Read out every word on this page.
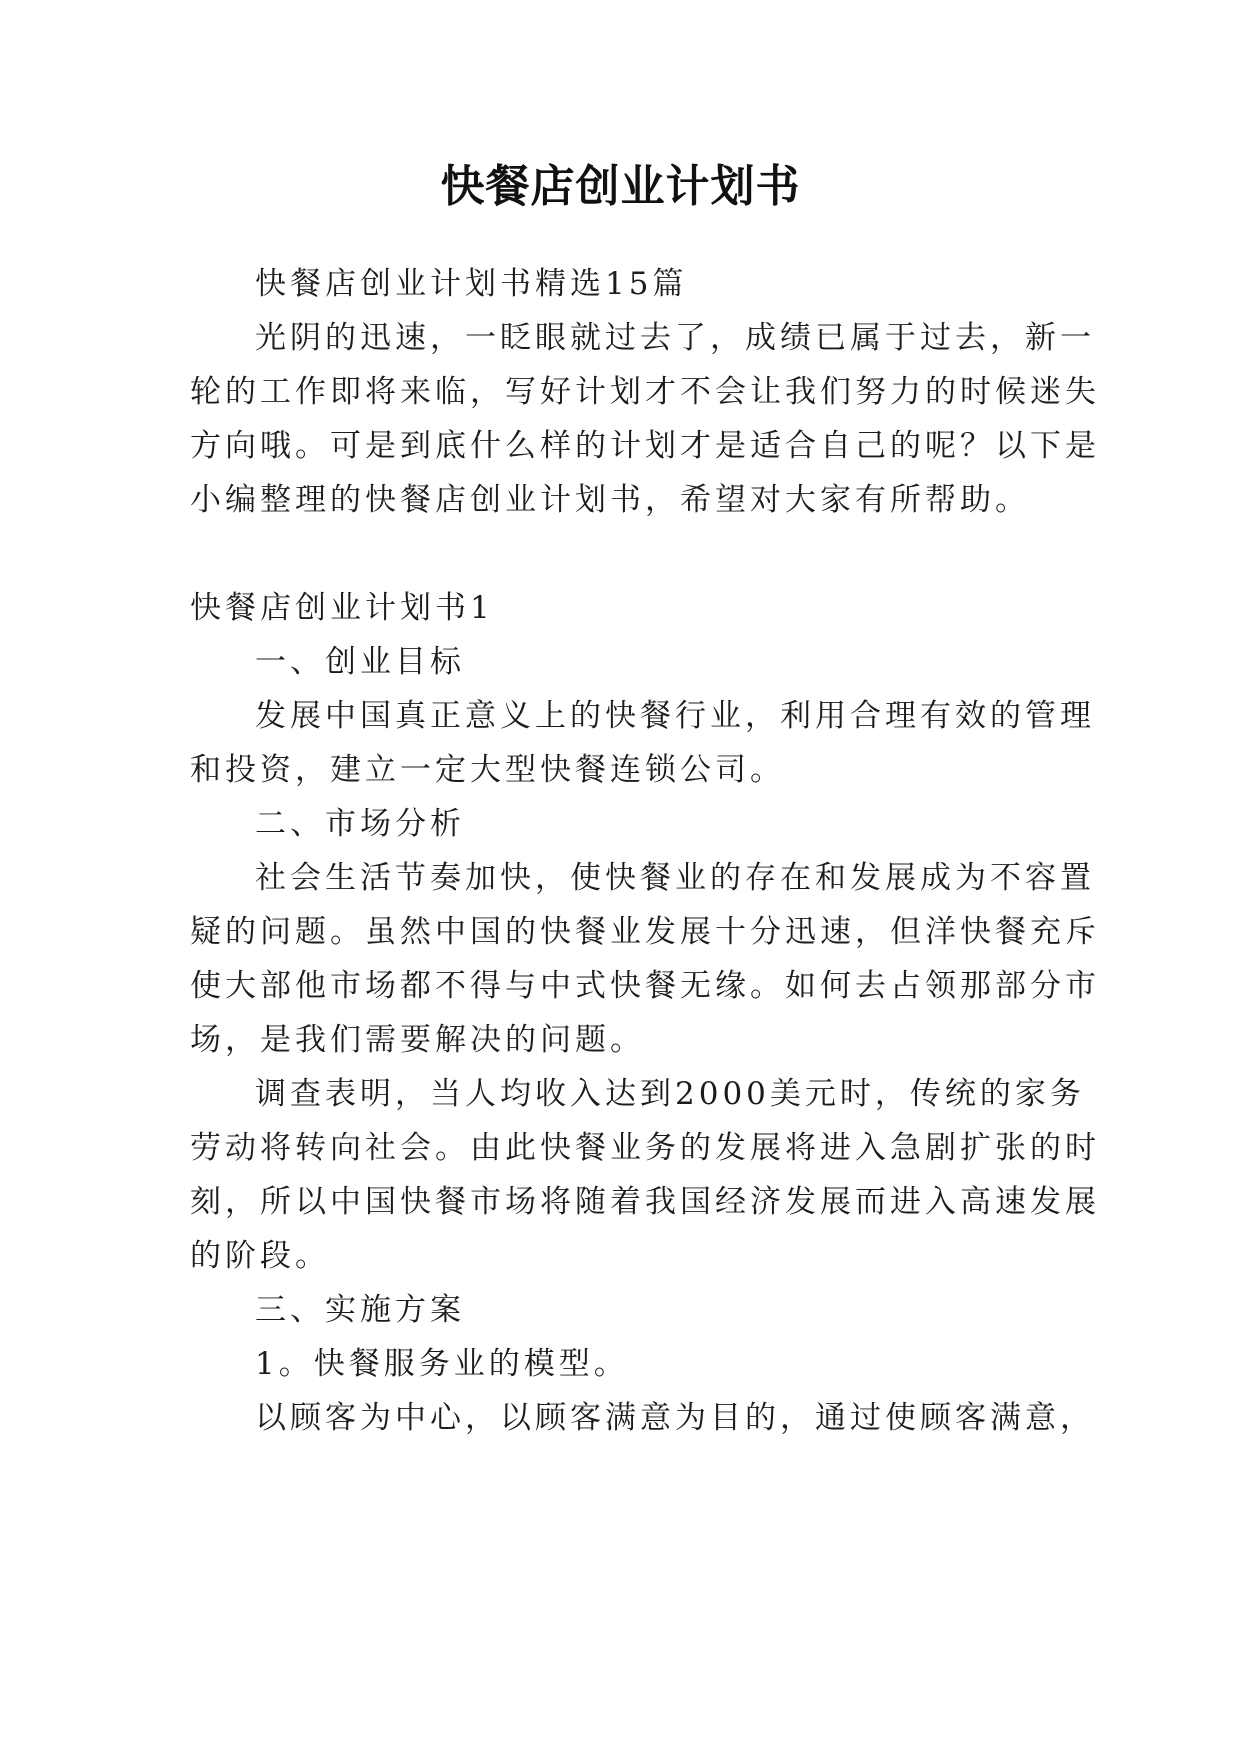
快餐店创业计划书
快餐店创业计划书精选15篇
光阴的迅速，一眨眼就过去了，成绩已属于过去，新一
轮的工作即将来临，写好计划才不会让我们努力的时候迷失
方向哦。可是到底什么样的计划才是适合自己的呢？以下是
小编整理的快餐店创业计划书，希望对大家有所帮助。
快餐店创业计划书1
一、创业目标
发展中国真正意义上的快餐行业，利用合理有效的管理
和投资，建立一定大型快餐连锁公司。
二、市场分析
社会生活节奏加快，使快餐业的存在和发展成为不容置
疑的问题。虽然中国的快餐业发展十分迅速，但洋快餐充斥
使大部他市场都不得与中式快餐无缘。如何去占领那部分市
场，是我们需要解决的问题。
调查表明，当人均收入达到2000美元时，传统的家务
劳动将转向社会。由此快餐业务的发展将进入急剧扩张的时
刻，所以中国快餐市场将随着我国经济发展而进入高速发展
的阶段。
三、实施方案
1。快餐服务业的模型。
以顾客为中心，以顾客满意为目的，通过使顾客满意，
